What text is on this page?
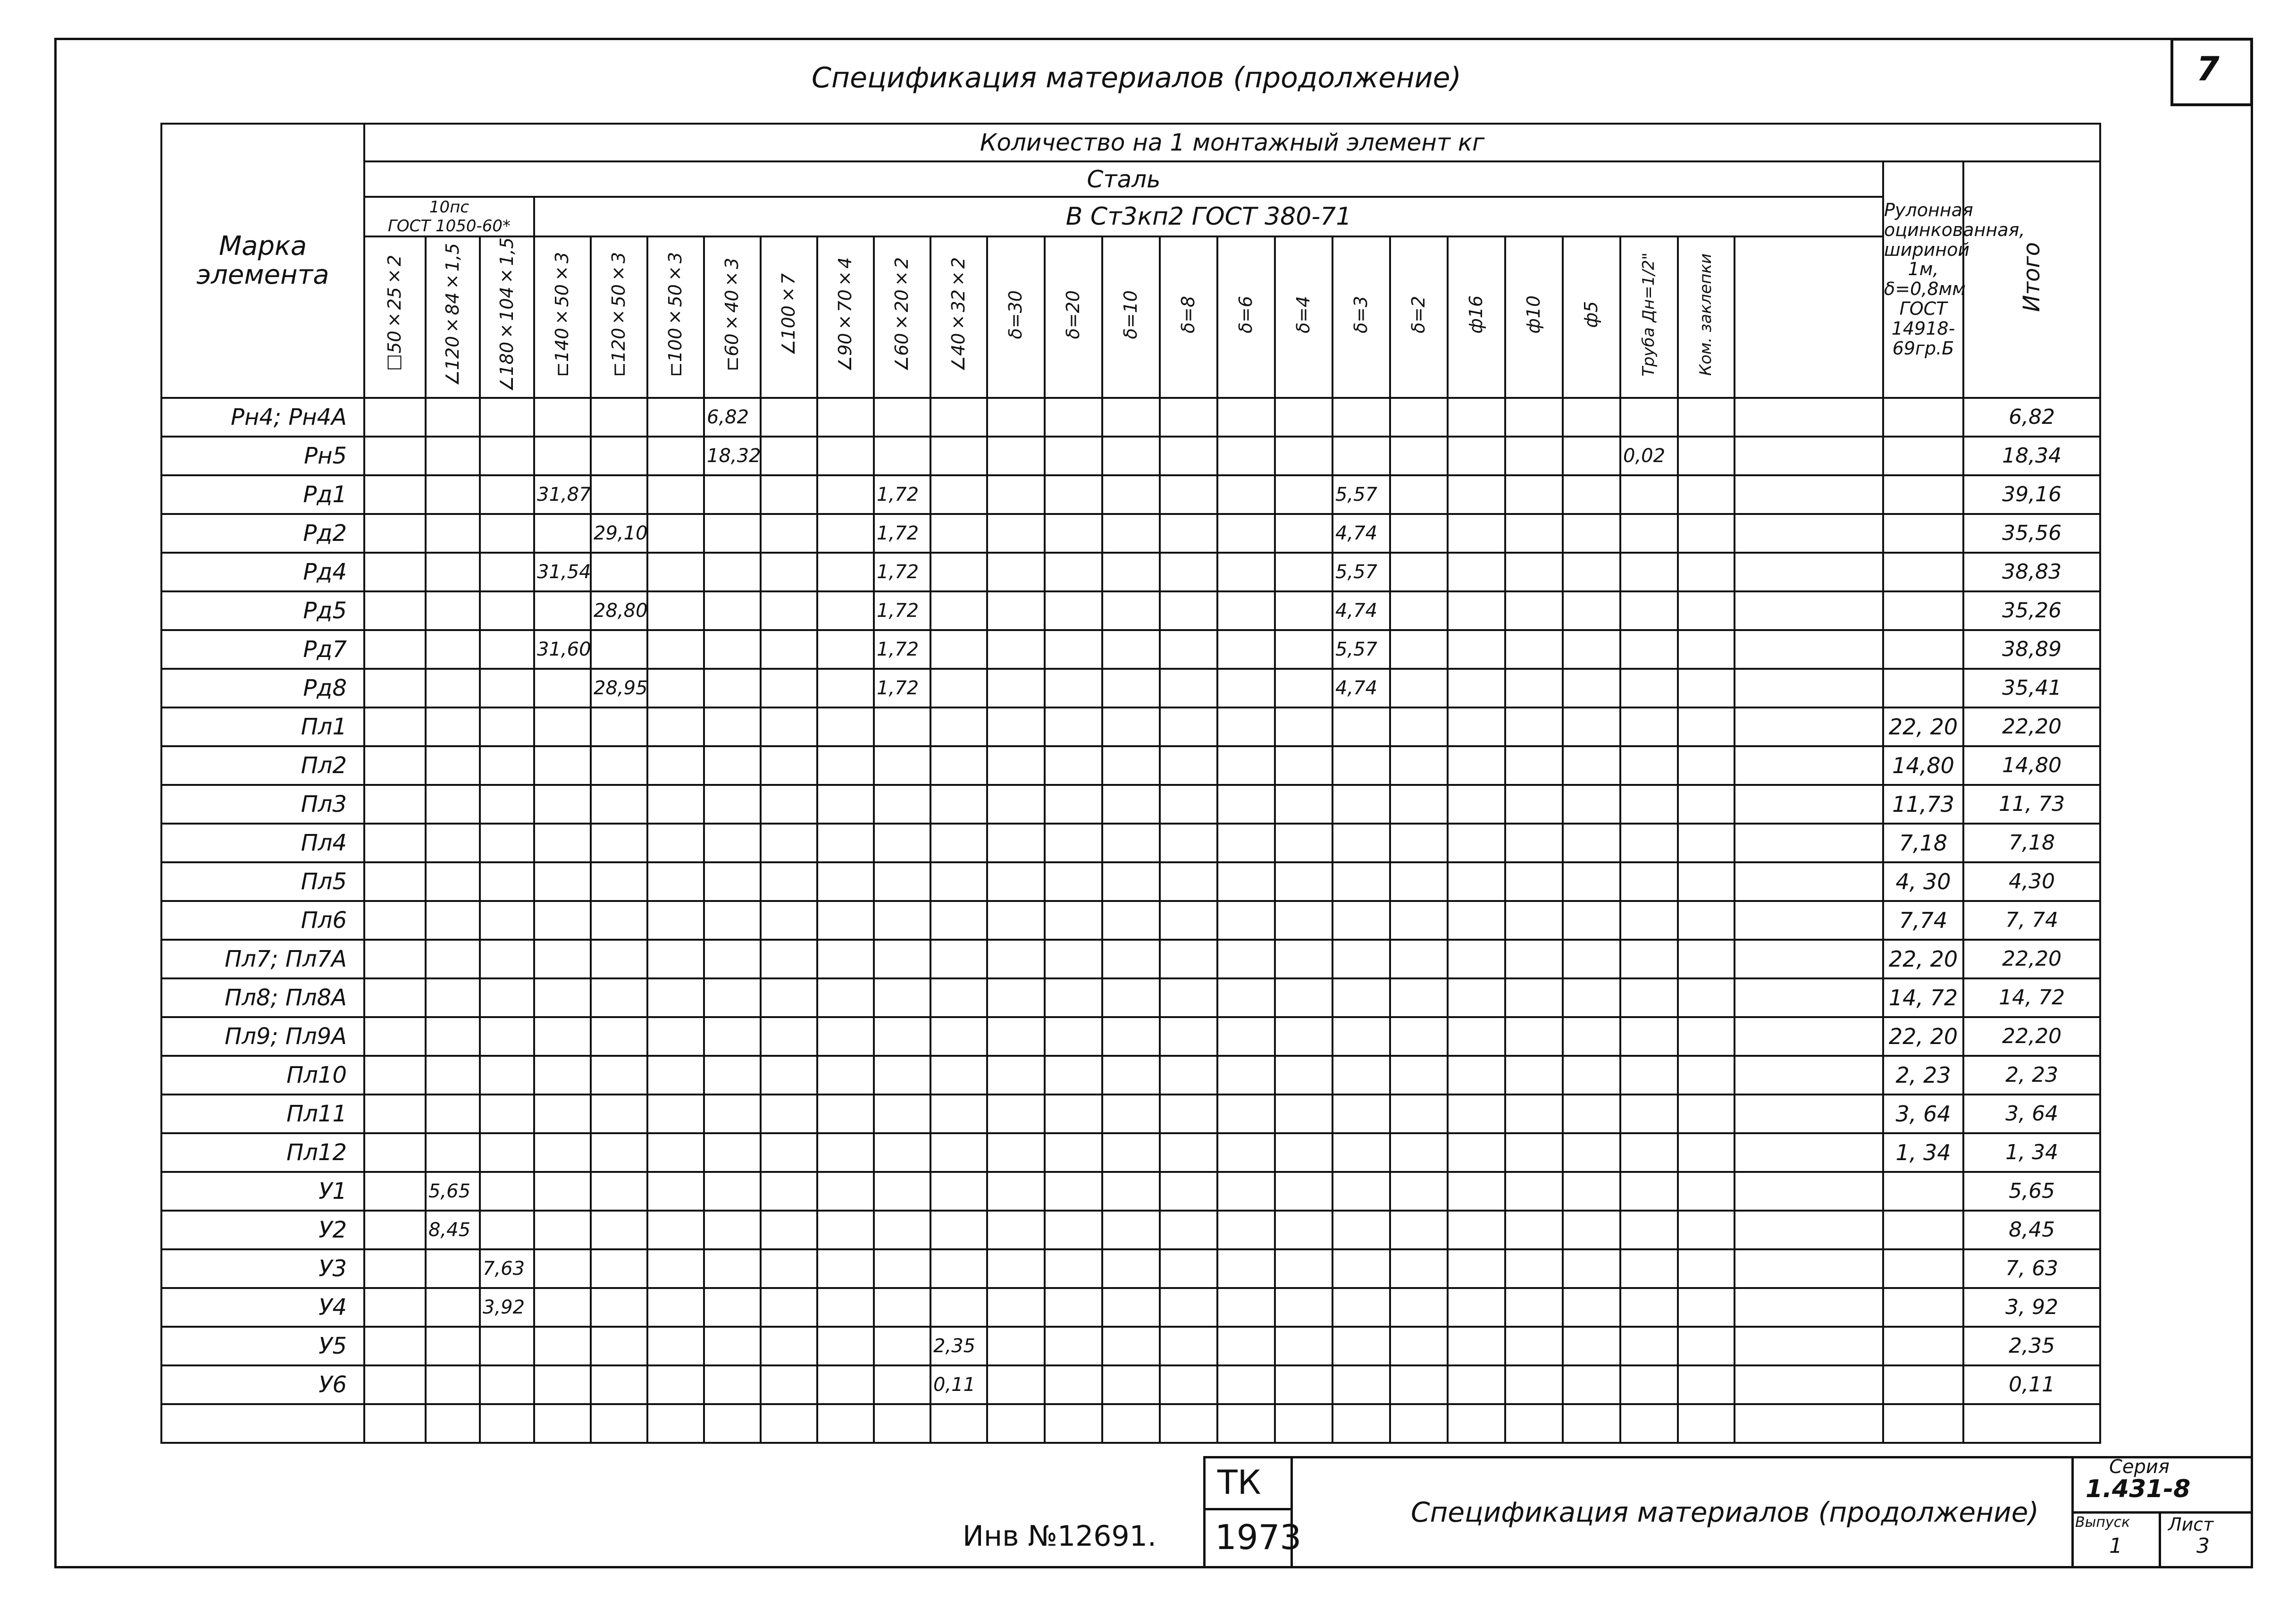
Спецификация материалов (продолжение)	7
Марка элемента	Количество на 1 монтажный элемент кг																											
	Сталь																									Рулонная оцинкованная, шириной 1м, δ=0,8мм ГОСТ 14918-69гр.Б	Итого	

	10пс
ГОСТ 1050-60*			В Ст3кп2 ГОСТ 380-71																								
	□50×25×2	∠120×84×1,5	∠180×104×1,5	⊏140×50×3	⊏120×50×3	⊏100×50×3	⊏60×40×3	∠100×7	∠90×70×4	∠60×20×2	∠40×32×2	δ=30	δ=20	δ=10	δ=8	δ=6	δ=4	δ=3	δ=2	ф16	ф10	ф5	Труба Дн=1/2"	Ком. заклепки				
Рн4; Рн4А							6,82																				6,82	
Рн5							18,32																0,02				18,34	
Рд1				31,87						1,72								5,57									39,16	
Рд2					29,10					1,72								4,74									35,56	
Рд4				31,54						1,72								5,57									38,83	
Рд5					28,80					1,72								4,74									35,26	
Рд7				31,60						1,72								5,57									38,89	
Рд8					28,95					1,72								4,74									35,41	
Пл1																										22, 20	22,20	
Пл2																										14,80	14,80	
Пл3																										11,73	11, 73	
Пл4																										7,18	7,18	
Пл5																										4, 30	4,30	
Пл6																										7,74	7, 74	
Пл7; Пл7А																										22, 20	22,20	
Пл8; Пл8А																										14, 72	14, 72	
Пл9; Пл9А																										22, 20	22,20	
Пл10																										2, 23	2, 23	
Пл11																										3, 64	3, 64	
Пл12																										1, 34	1, 34	
У1		5,65																									5,65	
У2		8,45																									8,45	
У3			7,63																								7, 63	
У4			3,92																								3, 92	
У5											2,35																2,35	
У6											0,11																0,11	

Инв №12691.
ТК
1973
Спецификация материалов (продолжение)
Серия
1.431-8
Выпуск
1
Лист
3
